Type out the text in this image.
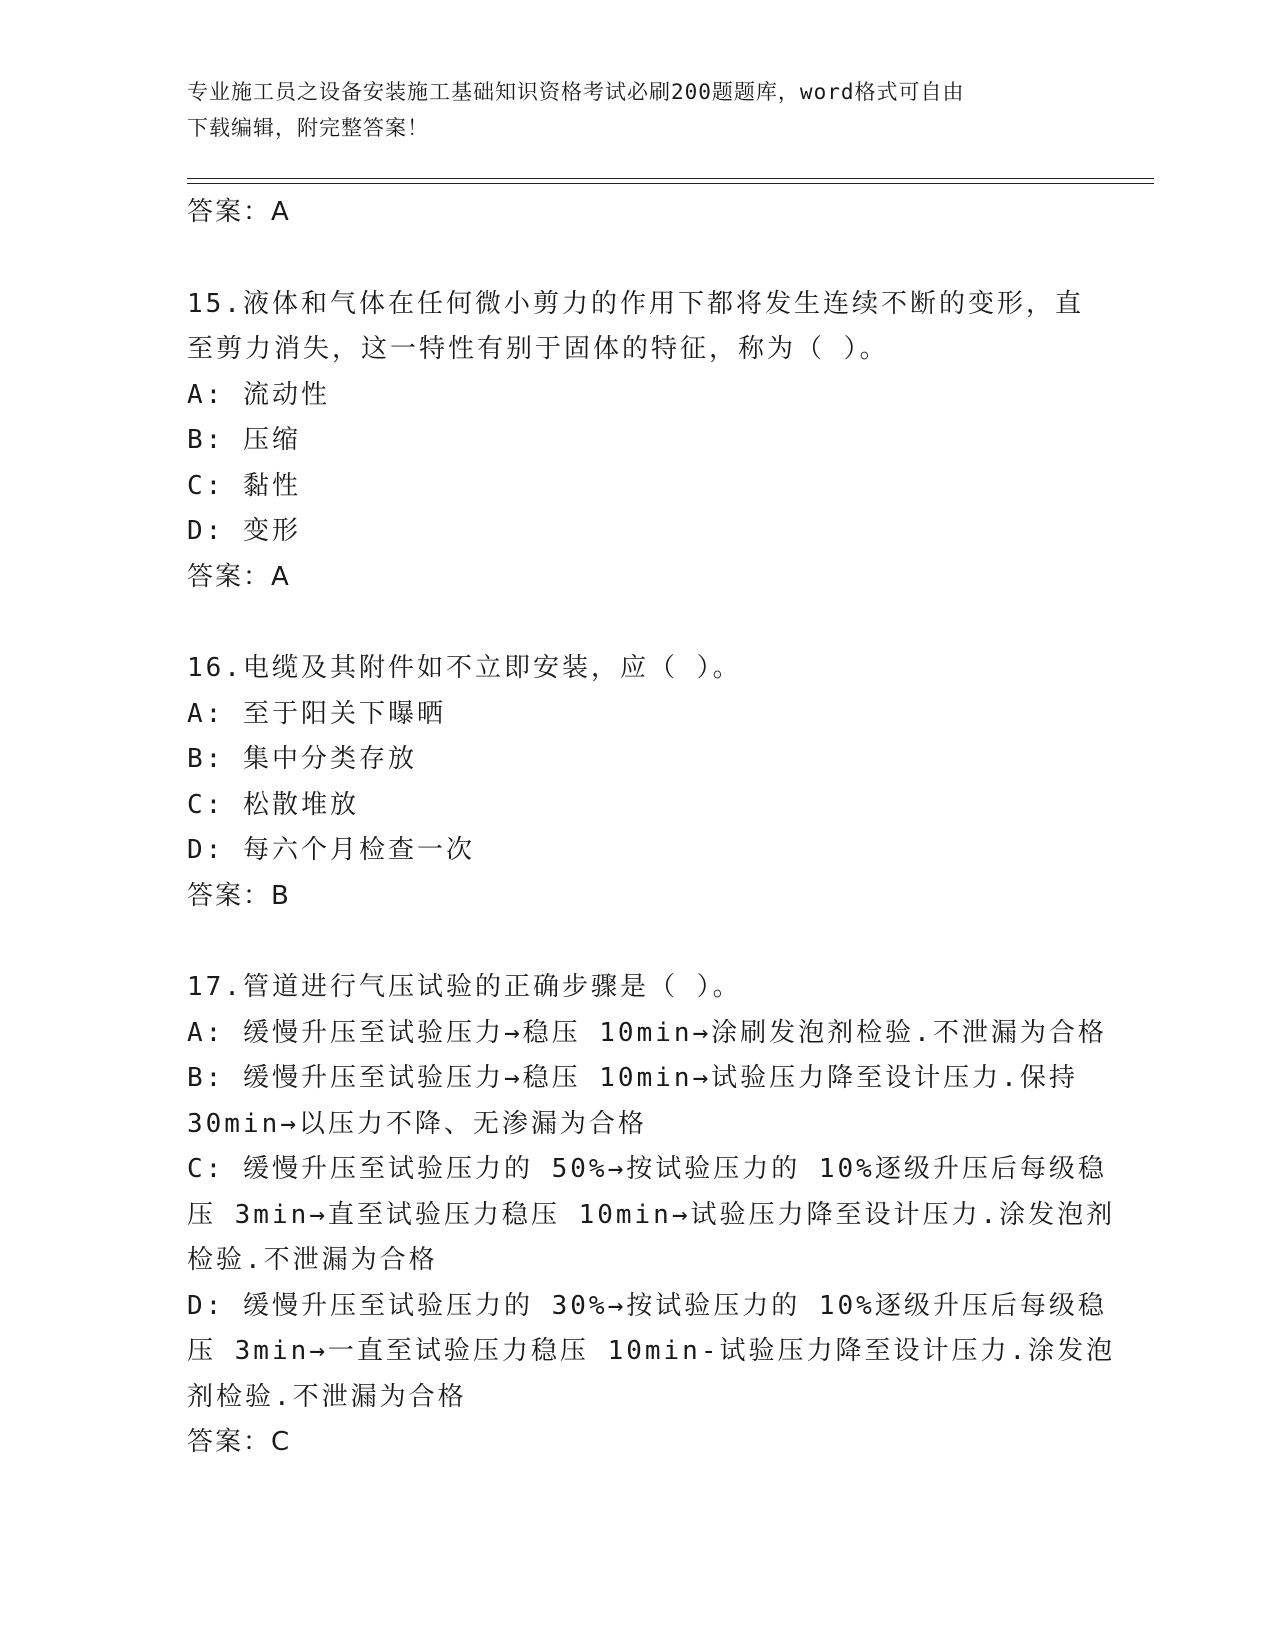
专业施工员之设备安装施工基础知识资格考试必刷200题题库，word格式可自由
下载编辑，附完整答案！
答案：A
15.液体和气体在任何微小剪力的作用下都将发生连续不断的变形，直
至剪力消失，这一特性有别于固体的特征，称为（ ）。
A: 流动性
B: 压缩
C: 黏性
D: 变形
答案：A
16.电缆及其附件如不立即安装，应（ ）。
A: 至于阳关下曝晒
B: 集中分类存放
C: 松散堆放
D: 每六个月检查一次
答案：B
17.管道进行气压试验的正确步骤是（ ）。
A: 缓慢升压至试验压力→稳压 10min→涂刷发泡剂检验.不泄漏为合格
B: 缓慢升压至试验压力→稳压 10min→试验压力降至设计压力.保持
30min→以压力不降、无渗漏为合格
C: 缓慢升压至试验压力的 50%→按试验压力的 10%逐级升压后每级稳
压 3min→直至试验压力稳压 10min→试验压力降至设计压力.涂发泡剂
检验.不泄漏为合格
D: 缓慢升压至试验压力的 30%→按试验压力的 10%逐级升压后每级稳
压 3min→一直至试验压力稳压 10min-试验压力降至设计压力.涂发泡
剂检验.不泄漏为合格
答案：C
